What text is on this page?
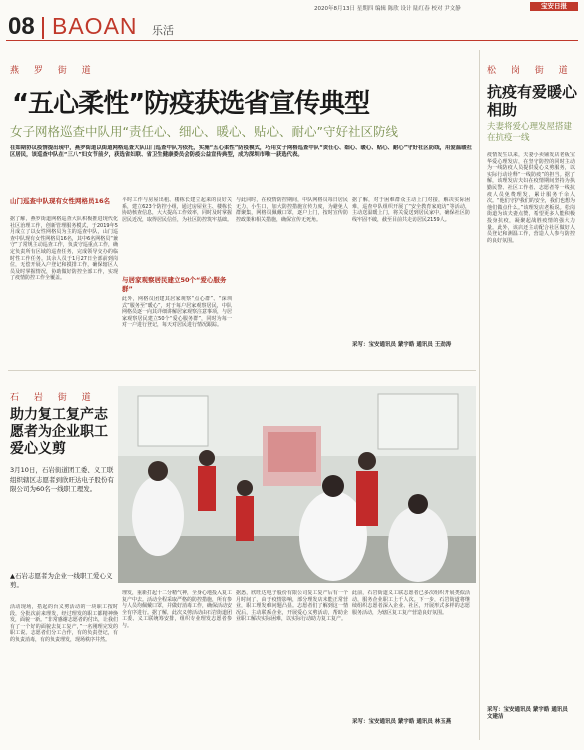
08 BAOAN 乐活
2020年8月13日 星期四 编辑 陈欣 设计 陆红春 校对 尹文静	宝安日报
燕 罗 街 道
“五心柔性”防疫获选省宣传典型
女子网格巡查中队用“责任心、细心、暖心、贴心、耐心”守好社区防线
在如期协议疫情提出现中，燕罗街道以街道网格巡查大队山门巡查中队为依托，实施“五心柔性”防疫模式，巧用女子网格巡查中队“责任心、细心、暖心、贴心、耐心”守好社区防线，用爱温暖社区居民，该巡查中队在“三八”妇女节前夕，获选省妇联、省卫生健康委员会防疫公益宣传典型，成为深圳市唯一获选代表。
山门巡查中队现有女性网格员16名
据了解，燕罗街道网格巡查大队积极推进现代化社区治理工作，创新管理服务模式，于2019年5月成立了以女性网格员为主的巡查中队，山门巡查中队现有女性网格员16名，其中6名网格员“兼守”了常规主动巡查工作，负责守巡重点工作，确定负责所有区域的巡查任务，完成领导交办的临时性工作任务。其余人员于1月27日全部前到岗位，无偿开展入户登记和摸排工作，确保辖区人员及时掌握情况，协助做好防控全部工作，实现了疫情防控工作全覆盖。
平时工作与房屋出租、楼栋长建立起来的良好关系，建立623个防控小组，通过房屋业主、楼栋长协助核查信息，大大提高工作效率，同时及时掌握居民近况，取得居民信任，为社区防控筑牢基础。
与居家观察居民建立50个“爱心服务群”
此外，网格员团建其居家观察“点心群”、“深圳式”服务至“暖心”，对于每户居家观察居民，中队网格员逐一向其详细讲解居家观察注意事项，与居家观察居民建立50个“爱心服务群”，同时为每一对一户进行登记，每天对居民进行情况跟踪。
与此同时，在疫情防控期间，中队网格员每日居民无力，小生口，加大防控措施宣传力度，为避免人群聚集，网格员佩戴口罩，逐户上门，按时宣传防控政策和相关措施，确保宣传无死角。
据了解，对于困难群众主动上门对接，解决实际困难，巡查中队组织开展了“安全教育家庭访”等活动，主动送温暖上门，将关爱送到居民家中，确保社区防线牢固不破，截至目前共走访居民2159人。
采写：宝安通讯员 蒙宇皓 通讯员 王劲涛
松 岗 街 道
抗疫有爱暖心相助
夫妻将爱心理发屋搭建在抗疫一线
疫情发生以来，夫妻小卖铺发店老板宝华爱心理发店，在坚守防控的同时主动为一线防疫人员提供爱心义剪服务，以实际行动诠释“一线防疫”的担当。据了解，该理发店夫妇在疫情期间坚持为执勤民警、社区工作者、志愿者等一线抗疫人员免费理发，累计服务千余人次。“他们守护我们的安全，我们也想为他们做点什么。”该理发店老板说。松岗街道为该夫妻点赞，希望更多人能积极投身抗疫，凝聚起战胜疫情的强大力量。此外，该店还主动配合社区做好人员登记和测温工作，营造人人参与防控的良好氛围。
采写：宝安通讯员 蒙宇皓 通讯员 文建洁
石 岩 街 道
助力复工复产志愿者为企业职工爱心义剪
3月10日，石岩街道团工委、义工联组织辖区志愿者到欣旺达电子股份有限公司为60名一线职工理发。
▲石岩志愿者为企业一线职工爱心义剪。
活动现场，搭起的台义剪活动的一块职工按时段，分批次前来理发，经过理发的职工都精神焕发，面貌一新。“非常感谢志愿者的付出，让我们有了一个好的面貌去复工复产，”一名刚理完发的职工说。志愿者们分工合作，有的负责登记，有的负责消毒，有的负责理发，现场秩序井然。
理发，重新打起十二分精气神，全身心地投入复工复产中去。活动全程采取严格的防控措施，所有参与人员均佩戴口罩，并做好消毒工作，确保活动安全有序进行。据了解，此次义剪活动由石岩街道团工委、义工联统筹安排，组织专业理发志愿者参与。
据悉，欣旺达电子股份有限公司复工复产后有一个月时间了，由于疫情影响，部分理发店未能正常营业，职工理发难问题凸显。志愿者们了解到这一情况后，主动联系企业，开展爱心义剪活动，帮助企业职工解决实际困难，以实际行动助力复工复产。
此前，石岩街道义工联志愿者已多次组织开展类似活动，服务企业职工上千人次。下一步，石岩街道将继续组织志愿者深入企业、社区，开展形式多样的志愿服务活动，为辖区复工复产营造良好氛围。
采写：宝安通讯员 蒙宇皓 通讯员 林玉燕
